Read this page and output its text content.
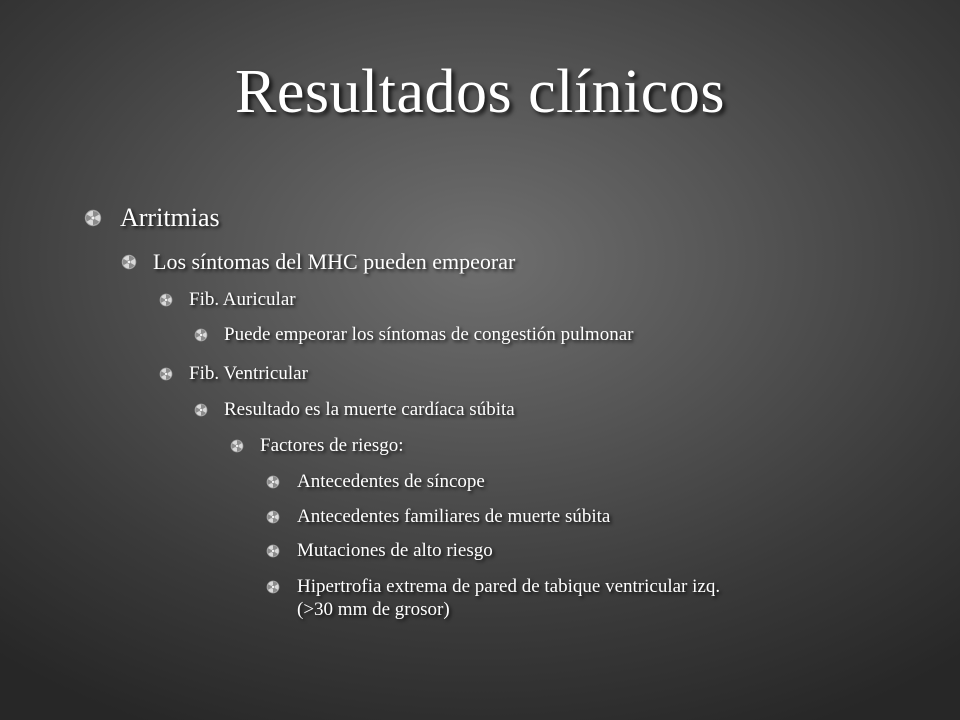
Resultados clínicos
Arritmias
Los síntomas del MHC pueden empeorar
Fib. Auricular
Puede empeorar los síntomas de congestión pulmonar
Fib. Ventricular
Resultado es la muerte cardíaca súbita
Factores de riesgo:
Antecedentes de síncope
Antecedentes familiares de muerte súbita
Mutaciones de alto riesgo
Hipertrofia extrema de pared de tabique ventricular izq.
(>30 mm de grosor)
